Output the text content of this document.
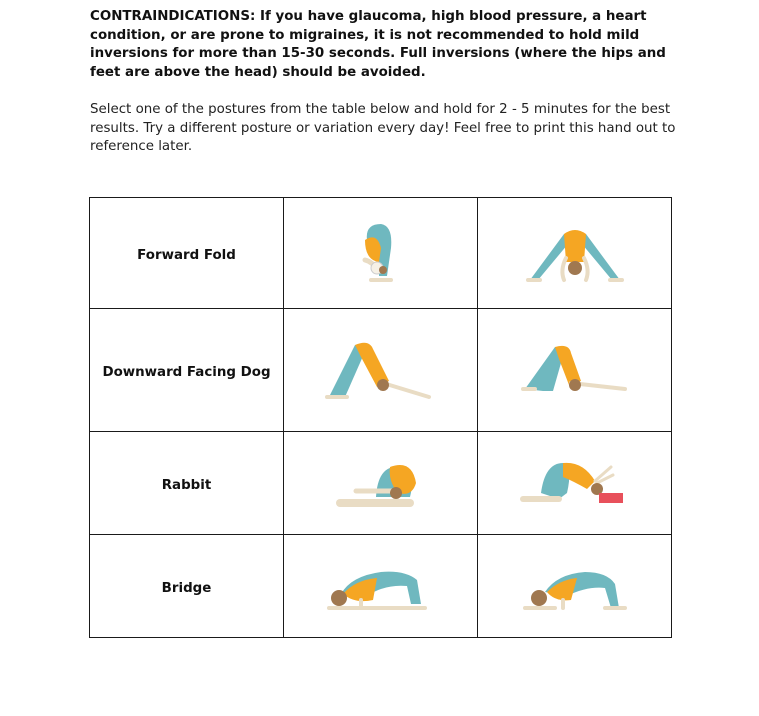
CONTRAINDICATIONS: If you have glaucoma, high blood pressure, a heart condition, or are prone to migraines, it is not recommended to hold mild inversions for more than 15-30 seconds. Full inversions (where the hips and feet are above the head) should be avoided.

Select one of the postures from the table below and hold for 2 - 5 minutes for the best results. Try a different posture or variation every day! Feel free to print this hand out to reference later.

Forward Fold	

Downward Facing Dog	

Rabbit	

Bridge	
